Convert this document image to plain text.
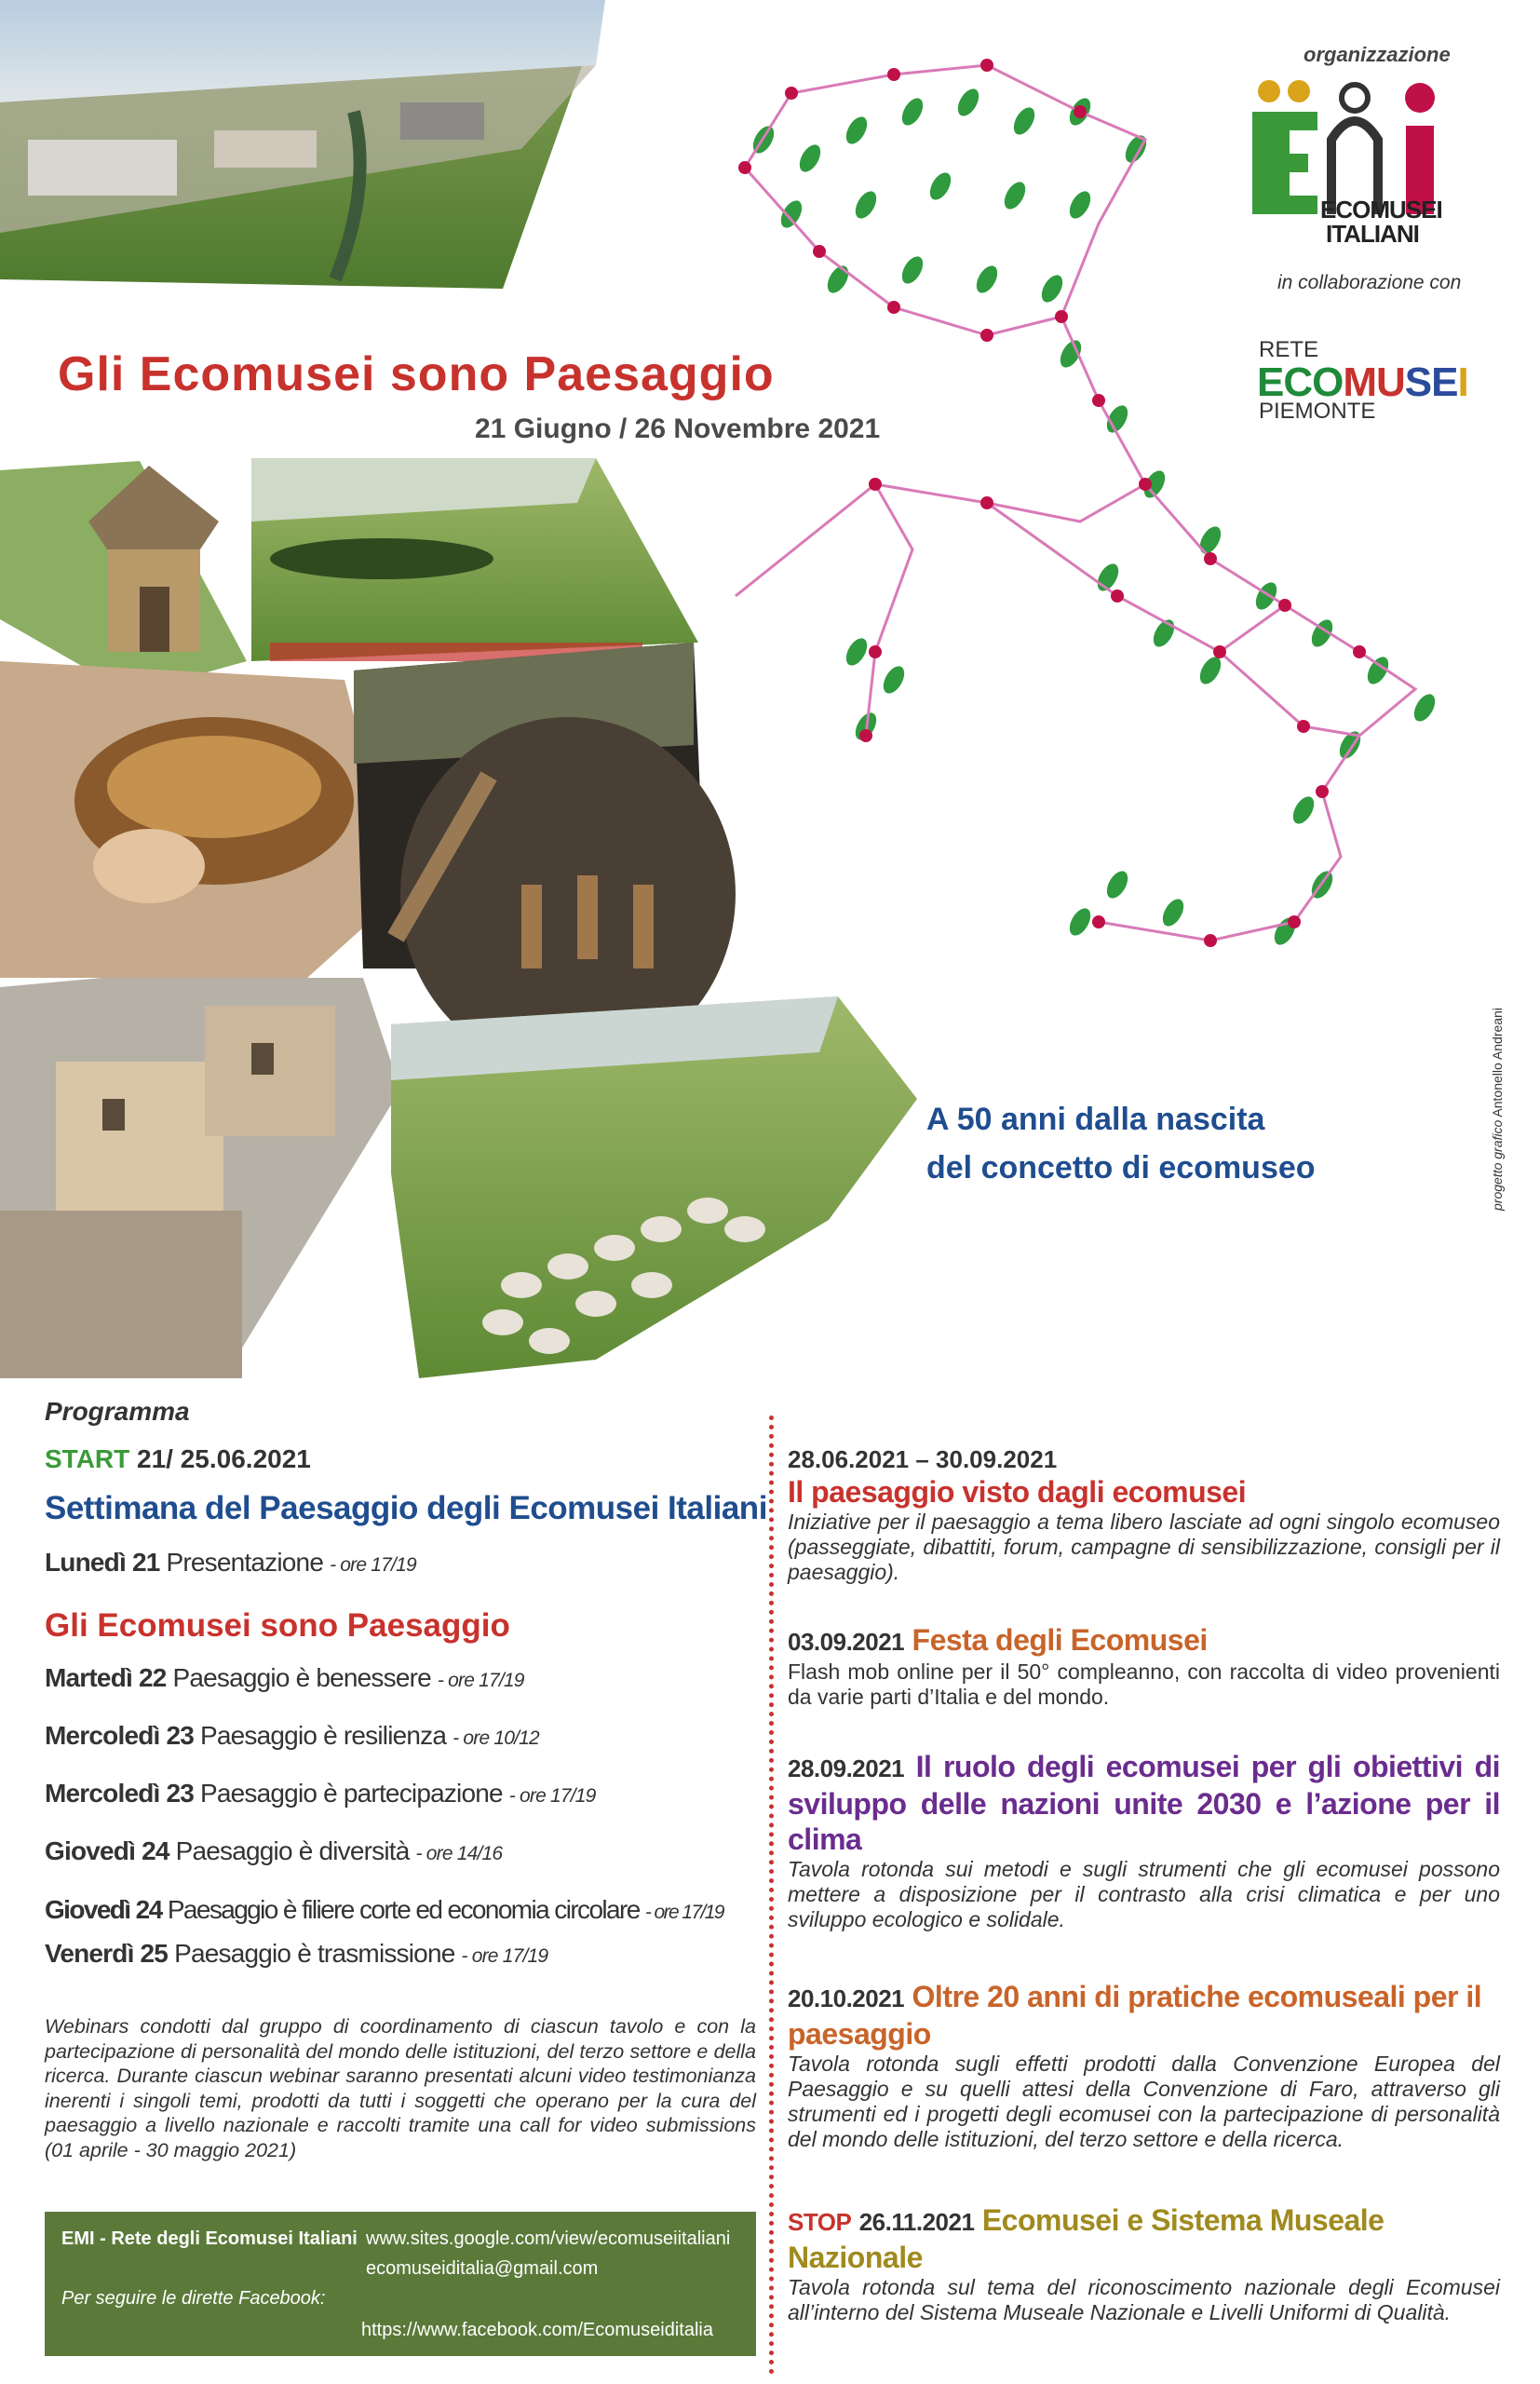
Gli Ecomusei sono Paesaggio
21 Giugno / 26 Novembre 2021
organizzazione
ECOMUSEI
ITALIANI
in collaborazione con
RETE
ECOMUSEI
PIEMONTE
A 50 anni dalla nascita
del concetto di ecomuseo	progetto grafico Antonello Andreani
Programma
START 21/ 25.06.2021
Settimana del Paesaggio degli Ecomusei Italiani
Lunedì 21 Presentazione - ore 17/19
Gli Ecomusei sono Paesaggio
Martedì 22 Paesaggio è benessere - ore 17/19
Mercoledì 23 Paesaggio è resilienza - ore 10/12
Mercoledì 23 Paesaggio è partecipazione - ore 17/19
Giovedì 24 Paesaggio è diversità - ore 14/16
Giovedì 24 Paesaggio è filiere corte ed economia circolare - ore 17/19
Venerdì 25 Paesaggio è trasmissione - ore 17/19
Webinars condotti dal gruppo di coordinamento di ciascun tavolo e con la partecipazione di personalità del mondo delle istituzioni, del terzo settore e della ricerca. Durante ciascun webinar saranno presentati alcuni video testimonianza inerenti i singoli temi, prodotti da tutti i soggetti che operano per la cura del paesaggio a livello nazionale e raccolti tramite una call for video submissions (01 aprile - 30 maggio 2021)
EMI - Rete degli Ecomusei Italiani www.sites.google.com/view/ecomuseiitaliani
ecomuseiditalia@gmail.com
Per seguire le dirette Facebook:
https://www.facebook.com/Ecomuseiditalia
28.06.2021 – 30.09.2021
Il paesaggio visto dagli ecomusei
Iniziative per il paesaggio a tema libero lasciate ad ogni singolo ecomuseo (passeggiate, dibattiti, forum, campagne di sensibilizzazione, consigli per il paesaggio).
03.09.2021 Festa degli Ecomusei
Flash mob online per il 50° compleanno, con raccolta di video provenienti da varie parti d’Italia e del mondo.
28.09.2021 Il ruolo degli ecomusei per gli obiettivi di sviluppo delle nazioni unite 2030 e l’azione per il clima
Tavola rotonda sui metodi e sugli strumenti che gli ecomusei possono mettere a disposizione per il contrasto alla crisi climatica e per uno sviluppo ecologico e solidale.
20.10.2021 Oltre 20 anni di pratiche ecomuseali per il paesaggio
Tavola rotonda sugli effetti prodotti dalla Convenzione Europea del Paesaggio e su quelli attesi della Convenzione di Faro, attraverso gli strumenti ed i progetti degli ecomusei con la partecipazione di personalità del mondo delle istituzioni, del terzo settore e della ricerca.
STOP 26.11.2021 Ecomusei e Sistema Museale Nazionale
Tavola rotonda sul tema del riconoscimento nazionale degli Ecomusei all’interno del Sistema Museale Nazionale e Livelli Uniformi di Qualità.
